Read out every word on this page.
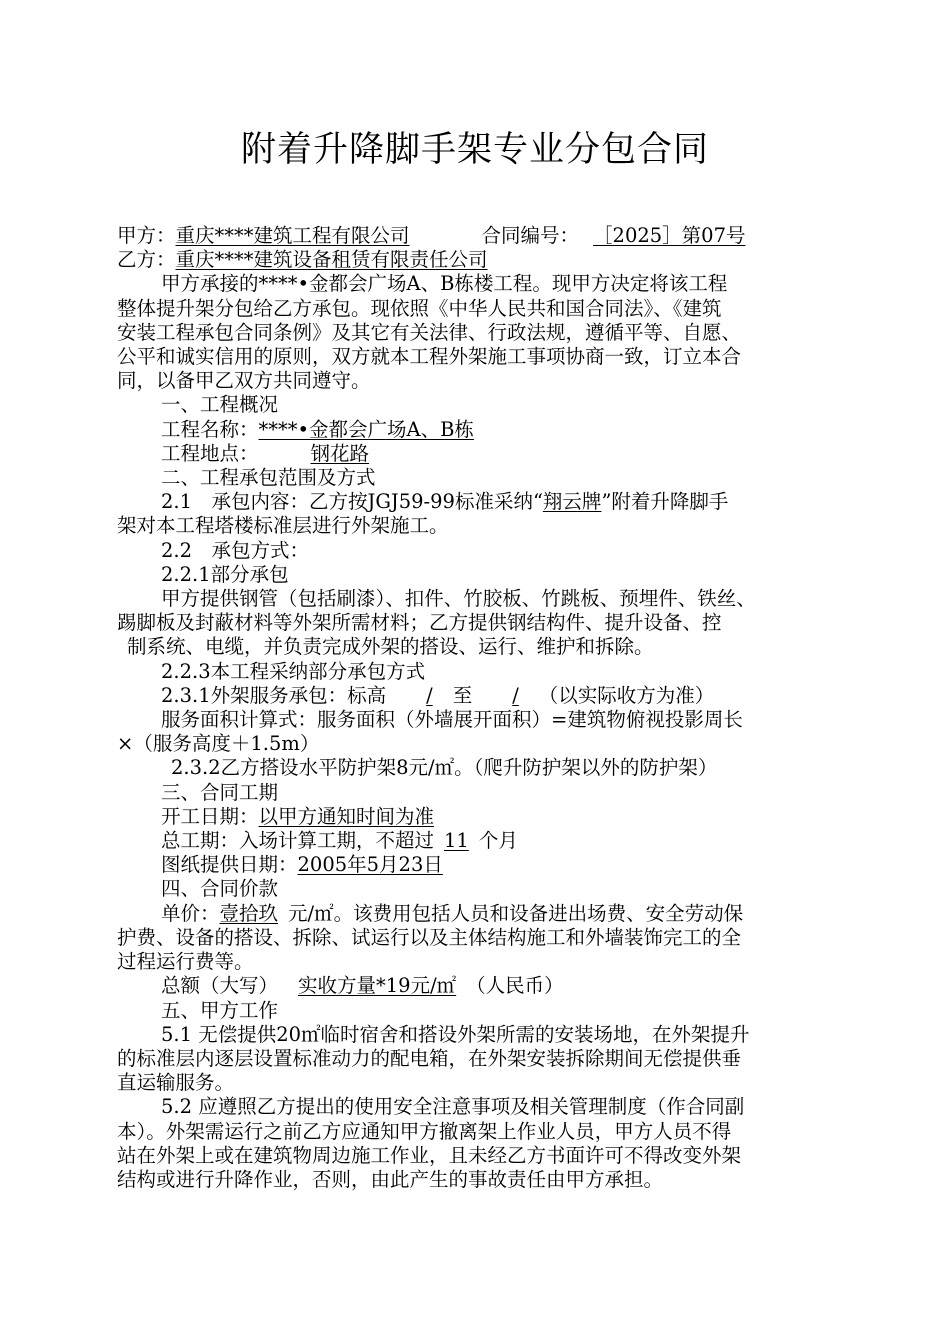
附着升降脚手架专业分包合同
甲方：重庆****建筑工程有限公司	合同编号： ［2025］第07号
乙方：重庆****建筑设备租赁有限责任公司
甲方承接的****•金都会广场A、B栋楼工程。现甲方决定将该工程
整体提升架分包给乙方承包。现依照《中华人民共和国合同法》、《建筑
安装工程承包合同条例》及其它有关法律、行政法规，遵循平等、自愿、
公平和诚实信用的原则，双方就本工程外架施工事项协商一致，订立本合
同，以备甲乙双方共同遵守。
一、工程概况
工程名称：****•金都会广场A、B栋
工程地点：	钢花路
二、工程承包范围及方式
2.1　承包内容：乙方按JGJ59-99标准采纳“翔云牌”附着升降脚手
架对本工程塔楼标准层进行外架施工。
2.2　承包方式：
2.2.1部分承包
甲方提供钢管（包括刷漆）、扣件、竹胶板、竹跳板、预埋件、铁丝、
踢脚板及封蔽材料等外架所需材料；乙方提供钢结构件、提升设备、控
制系统、电缆，并负责完成外架的搭设、运行、维护和拆除。
2.2.3本工程采纳部分承包方式
2.3.1外架服务承包：标高 / 至 / （以实际收方为准）
服务面积计算式：服务面积（外墙展开面积）=建筑物俯视投影周长
×（服务高度＋1.5m）
2.3.2乙方搭设水平防护架8元/㎡。（爬升防护架以外的防护架）
三、合同工期
开工日期：以甲方通知时间为准
总工期：入场计算工期，不超过 11 个月
图纸提供日期：2005年5月23日
四、合同价款
单价：壹拾玖 元/㎡。该费用包括人员和设备进出场费、安全劳动保
护费、设备的搭设、拆除、试运行以及主体结构施工和外墙装饰完工的全
过程运行费等。
总额（大写） 实收方量*19元/㎡ （人民币）
五、甲方工作
5.1 无偿提供20㎡临时宿舍和搭设外架所需的安装场地，在外架提升
的标准层内逐层设置标准动力的配电箱，在外架安装拆除期间无偿提供垂
直运输服务。
5.2 应遵照乙方提出的使用安全注意事项及相关管理制度（作合同副
本）。外架需运行之前乙方应通知甲方撤离架上作业人员，甲方人员不得
站在外架上或在建筑物周边施工作业，且未经乙方书面许可不得改变外架
结构或进行升降作业，否则，由此产生的事故责任由甲方承担。
